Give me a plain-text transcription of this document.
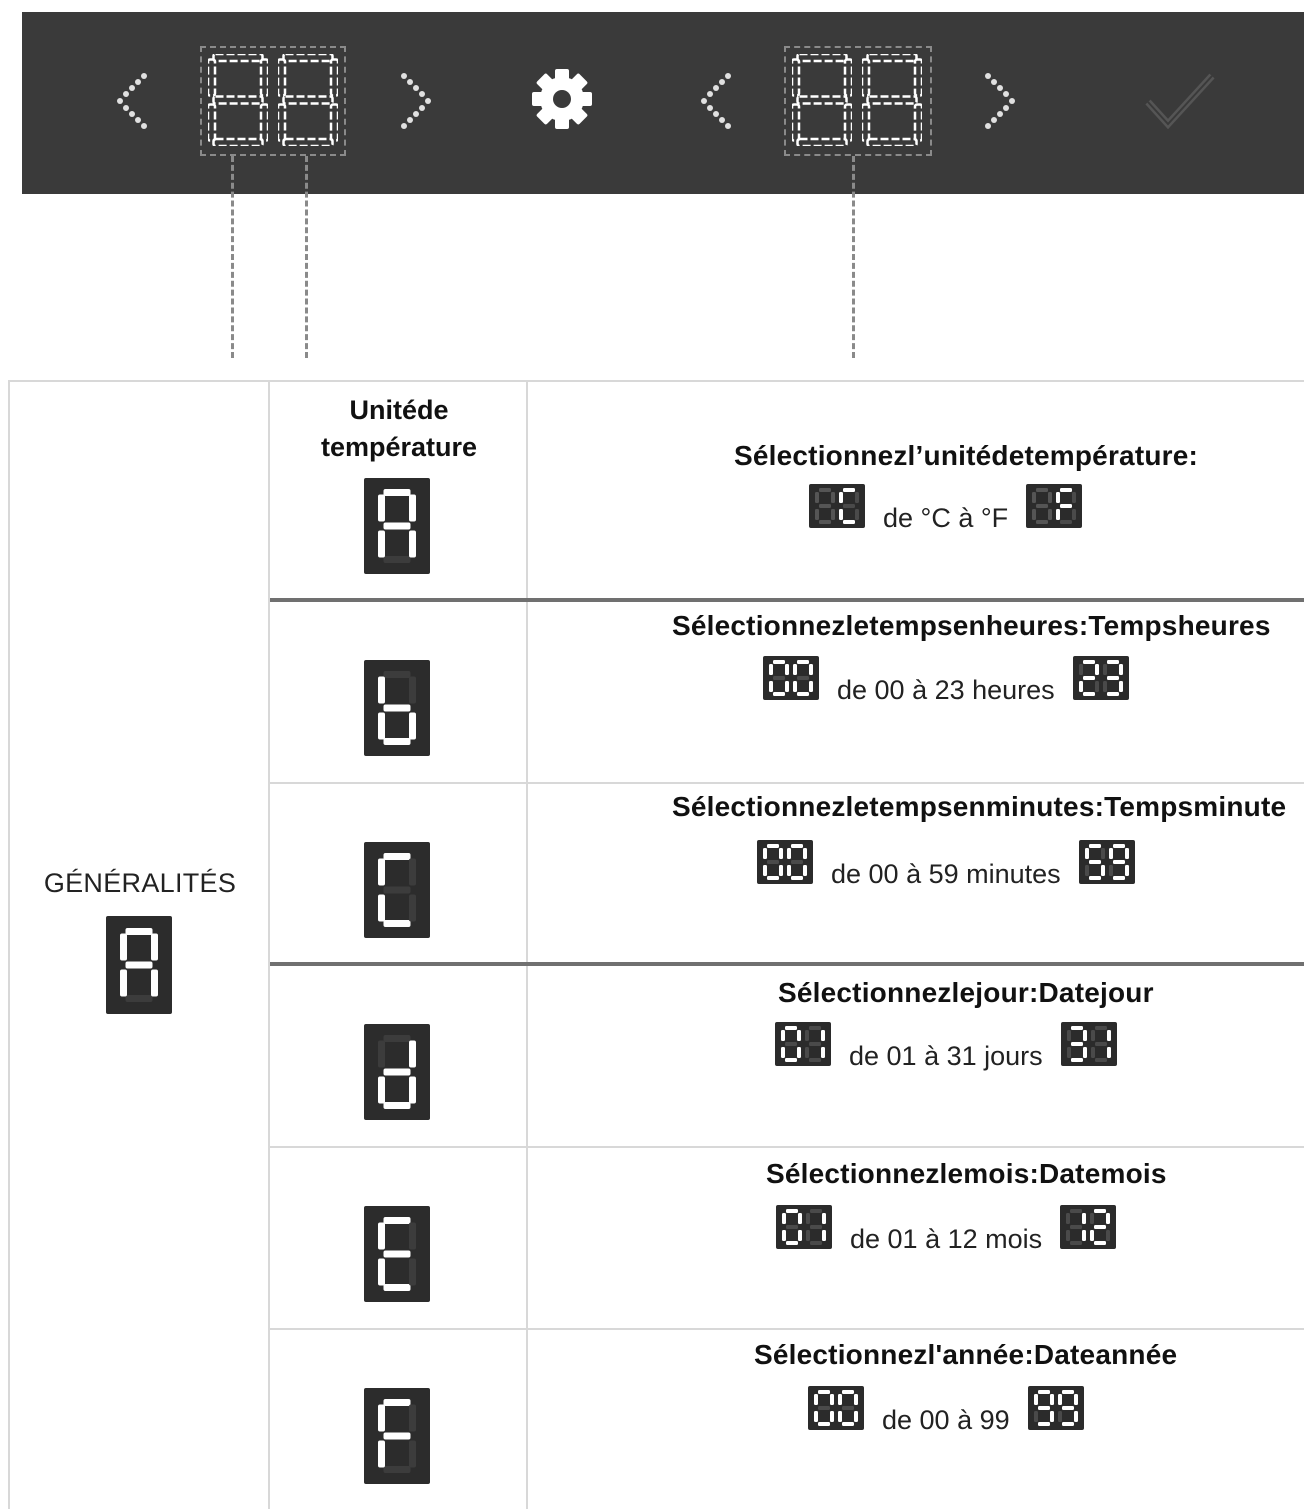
GÉNÉRALITÉS
Unitéde
température	Sélectionnezl’unitédetempérature:
de °C à °F
Sélectionnezletempsenheures:Tempsheures
de 00 à 23 heures
Sélectionnezletempsenminutes:Tempsminute
de 00 à 59 minutes
Sélectionnezlejour:Datejour
de 01 à 31 jours
Sélectionnezlemois:Datemois
de 01 à 12 mois
Sélectionnezl'année:Dateannée
de 00 à 99
